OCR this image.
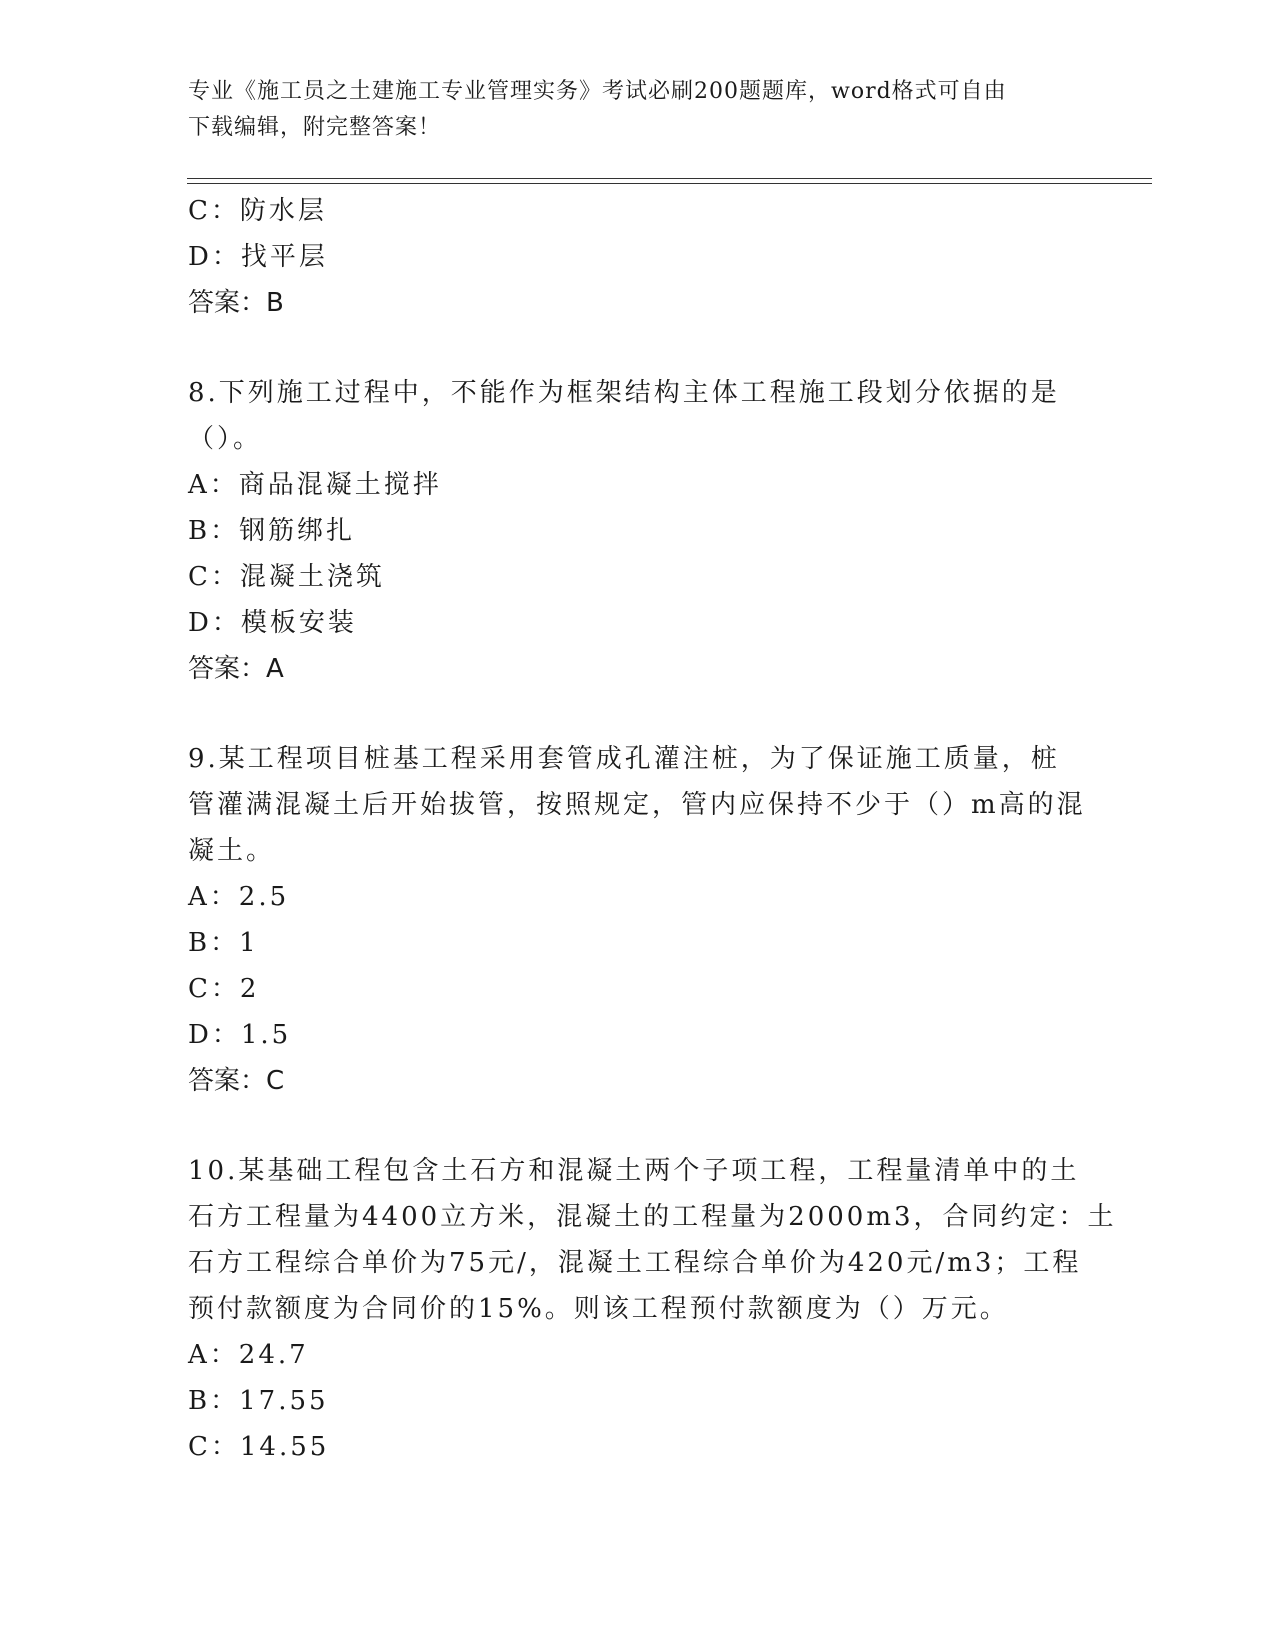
专业《施工员之土建施工专业管理实务》考试必刷200题题库，word格式可自由
下载编辑，附完整答案！
C：防水层
D：找平层
答案：B
8.下列施工过程中，不能作为框架结构主体工程施工段划分依据的是
（）。
A：商品混凝土搅拌
B：钢筋绑扎
C：混凝土浇筑
D：模板安装
答案：A
9.某工程项目桩基工程采用套管成孔灌注桩，为了保证施工质量，桩
管灌满混凝土后开始拔管，按照规定，管内应保持不少于（）m高的混
凝土。
A：2.5
B：1
C：2
D：1.5
答案：C
10.某基础工程包含土石方和混凝土两个子项工程，工程量清单中的土
石方工程量为4400立方米，混凝土的工程量为2000m3，合同约定：土
石方工程综合单价为75元/，混凝土工程综合单价为420元/m3；工程
预付款额度为合同价的15%。则该工程预付款额度为（）万元。
A：24.7
B：17.55
C：14.55
